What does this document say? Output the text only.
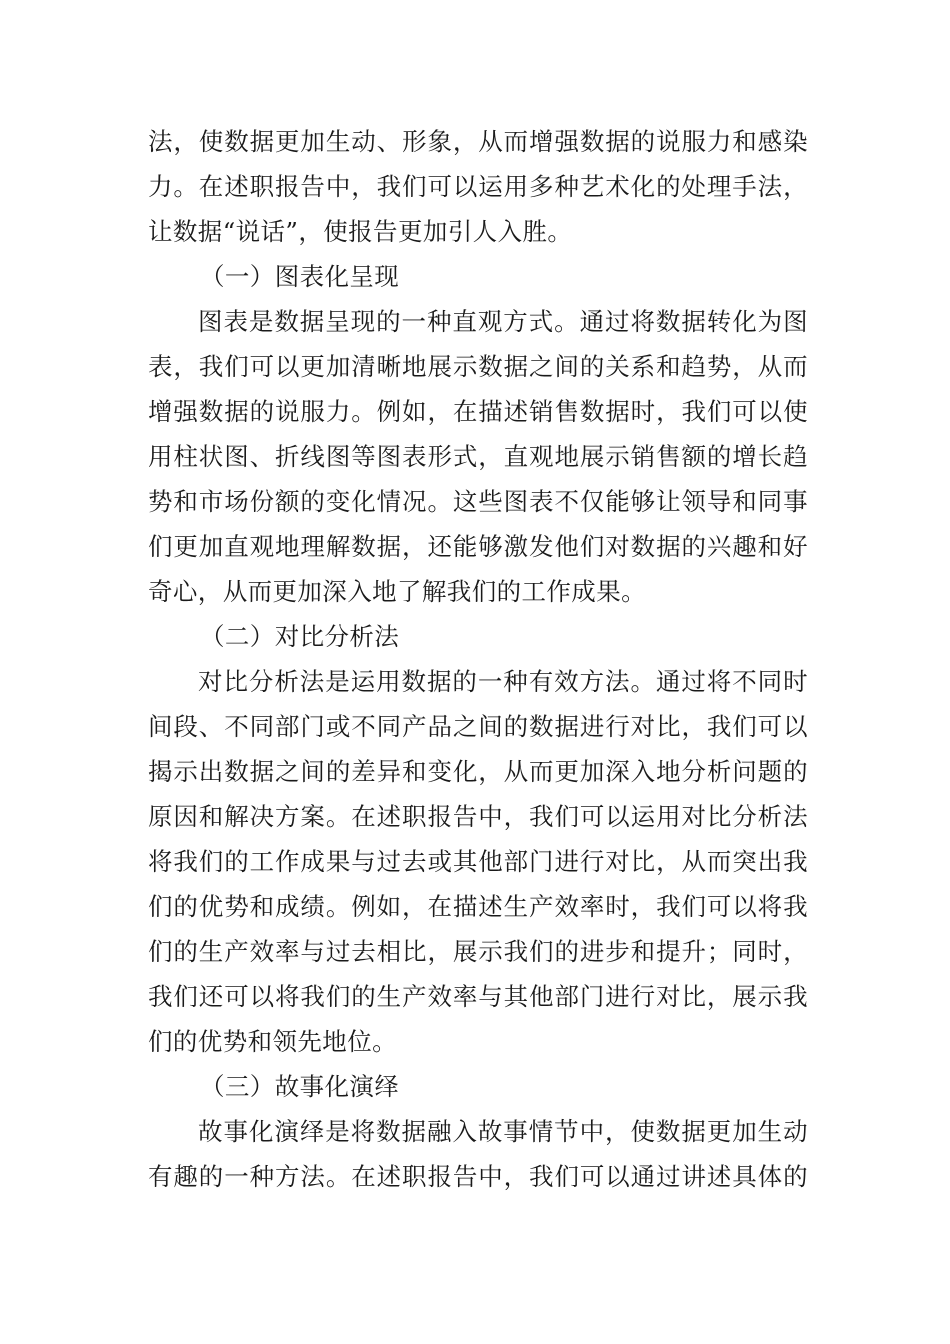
法，使数据更加生动、形象，从而增强数据的说服力和感染
力。在述职报告中，我们可以运用多种艺术化的处理手法，
让数据“说话”，使报告更加引人入胜。
（一）图表化呈现
图表是数据呈现的一种直观方式。通过将数据转化为图
表，我们可以更加清晰地展示数据之间的关系和趋势，从而
增强数据的说服力。例如，在描述销售数据时，我们可以使
用柱状图、折线图等图表形式，直观地展示销售额的增长趋
势和市场份额的变化情况。这些图表不仅能够让领导和同事
们更加直观地理解数据，还能够激发他们对数据的兴趣和好
奇心，从而更加深入地了解我们的工作成果。
（二）对比分析法
对比分析法是运用数据的一种有效方法。通过将不同时
间段、不同部门或不同产品之间的数据进行对比，我们可以
揭示出数据之间的差异和变化，从而更加深入地分析问题的
原因和解决方案。在述职报告中，我们可以运用对比分析法
将我们的工作成果与过去或其他部门进行对比，从而突出我
们的优势和成绩。例如，在描述生产效率时，我们可以将我
们的生产效率与过去相比，展示我们的进步和提升；同时，
我们还可以将我们的生产效率与其他部门进行对比，展示我
们的优势和领先地位。
（三）故事化演绎
故事化演绎是将数据融入故事情节中，使数据更加生动
有趣的一种方法。在述职报告中，我们可以通过讲述具体的
